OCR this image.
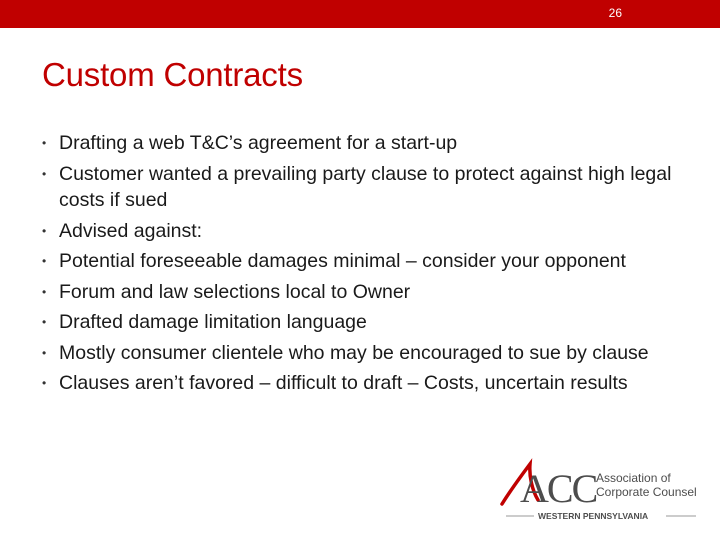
26
Custom Contracts
• Drafting a web T&C’s agreement for a start-up
• Customer wanted a prevailing party clause to protect against high legal costs if sued
• Advised against:
• Potential foreseeable damages minimal – consider your opponent
• Forum and law selections local to Owner
• Drafted damage limitation language
• Mostly consumer clientele who may be encouraged to sue by clause
• Clauses aren’t favored – difficult to draft – Costs, uncertain results
ACC Association of
Corporate Counsel
WESTERN PENNSYLVANIA
